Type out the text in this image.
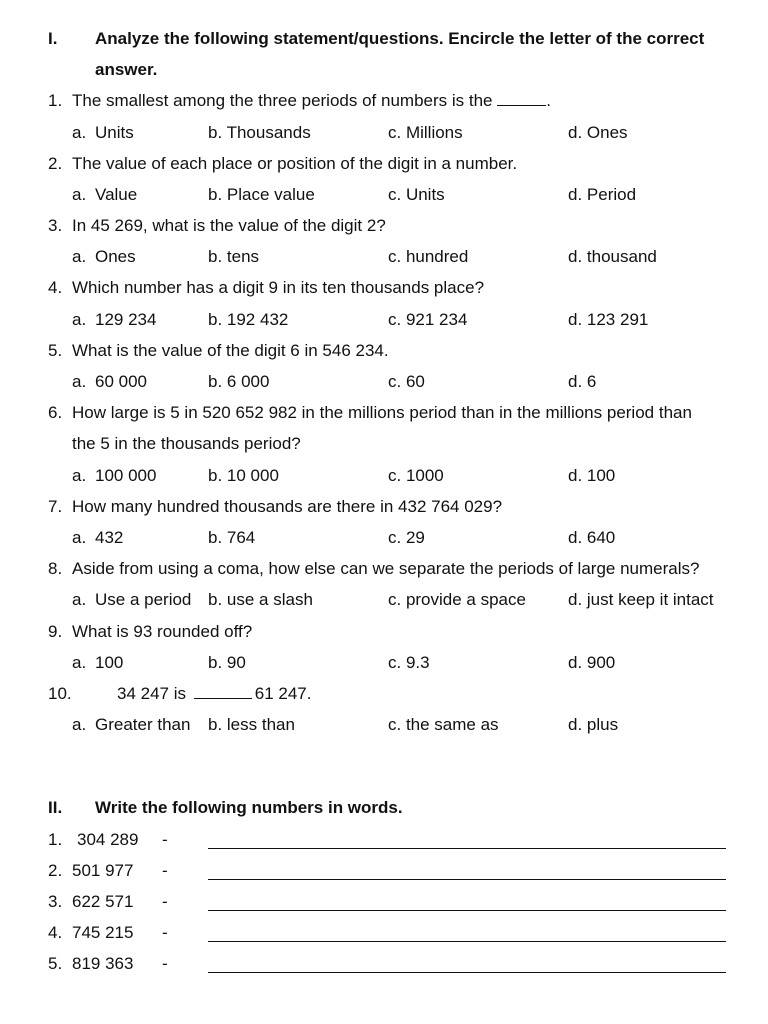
I. Analyze the following statement/questions. Encircle the letter of the correct
answer.
1. The smallest among the three periods of numbers is the	.
a. Units	b. Thousands	c. Millions	d. Ones
2. The value of each place or position of the digit in a number.
a. Value	b. Place value	c. Units	d. Period
3. In 45 269, what is the value of the digit 2?
a. Ones	b. tens	c. hundred	d. thousand
4. Which number has a digit 9 in its ten thousands place?
a. 129 234	b. 192 432	c. 921 234	d. 123 291
5. What is the value of the digit 6 in 546 234.
a. 60 000	b. 6 000	c. 60	d. 6
6. How large is 5 in 520 652 982 in the millions period than in the millions period than
the 5 in the thousands period?
a. 100 000	b. 10 000	c. 1000	d. 100
7. How many hundred thousands are there in 432 764 029?
a. 432	b. 764	c. 29	d. 640
8. Aside from using a coma, how else can we separate the periods of large numerals?
a. Use a period b. use a slash	c. provide a space d. just keep it intact
9. What is 93 rounded off?
a. 100	b. 90	c. 9.3	d. 900
10.	34 247 is	61 247.
a. Greater than b. less than	c. the same as	d. plus
II. Write the following numbers in words.
1. 304 289 -
2. 501 977 -
3. 622 571 -
4. 745 215 -
5. 819 363 -
